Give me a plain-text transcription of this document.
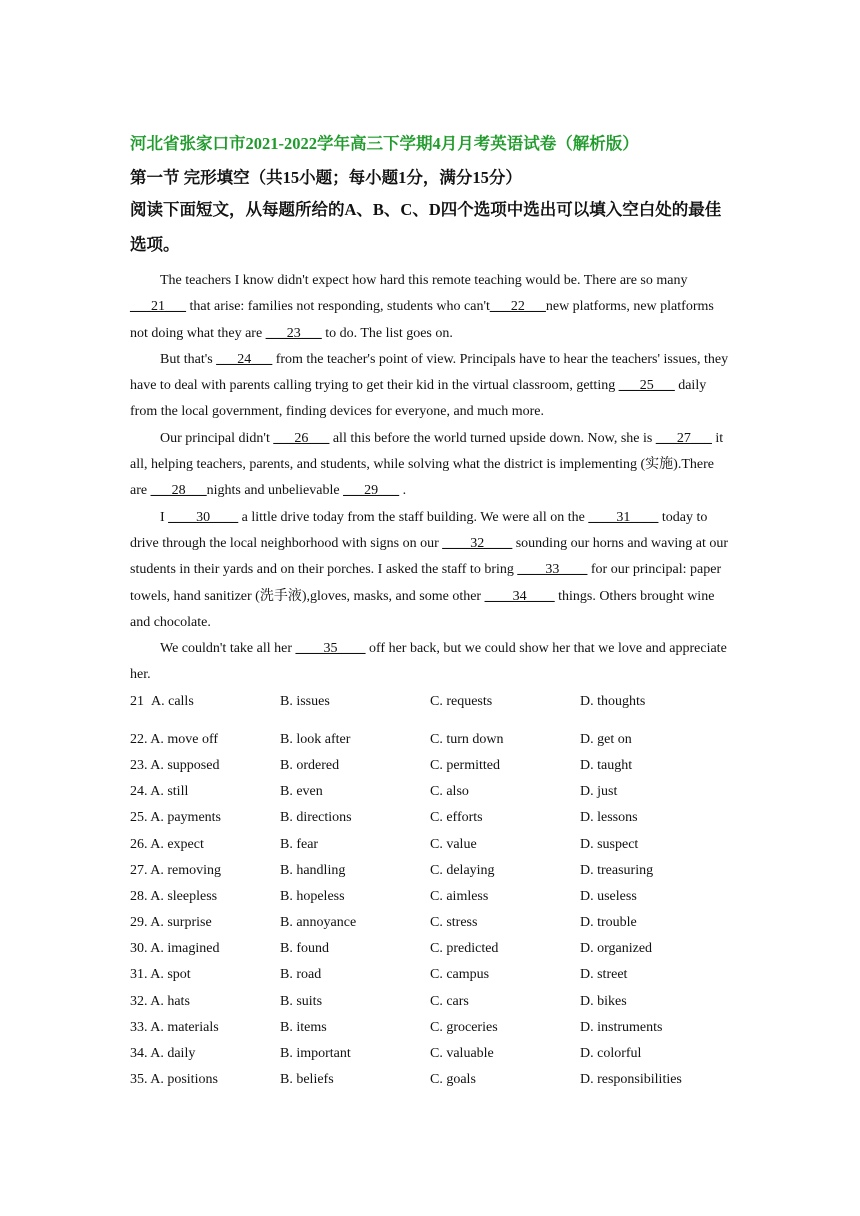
河北省张家口市2021-2022学年高三下学期4月月考英语试卷（解析版）

第一节 完形填空（共15小题；每小题1分，满分15分）

阅读下面短文，从每题所给的A、B、C、D四个选项中选出可以填入空白处的最佳选项。

The teachers I know didn't expect how hard this remote teaching would be. There are so many ___21___ that arise: families not responding, students who can't___22___new platforms, new platforms not doing what they are ___23___ to do. The list goes on.

But that's ___24___ from the teacher's point of view. Principals have to hear the teachers' issues, they have to deal with parents calling trying to get their kid in the virtual classroom, getting ___25___ daily from the local government, finding devices for everyone, and much more.

Our principal didn't ___26___ all this before the world turned upside down. Now, she is ___27___ it all, helping teachers, parents, and students, while solving what the district is implementing (实施).There are ___28___nights and unbelievable ___29___ .

I ____30____ a little drive today from the staff building. We were all on the ____31____ today to drive through the local neighborhood with signs on our ____32____ sounding our horns and waving at our students in their yards and on their porches. I asked the staff to bring ____33____ for our principal: paper towels, hand sanitizer (洗手液),gloves, masks, and some other ____34____ things. Others brought wine and chocolate.

We couldn't take all her ____35____ off her back, but we could show her that we love and appreciate her.

21 A. calls	B. issues	C. requests	D. thoughts
22. A. move off	B. look after	C. turn down	D. get on
23. A. supposed	B. ordered	C. permitted	D. taught
24. A. still	B. even	C. also	D. just
25. A. payments	B. directions	C. efforts	D. lessons
26. A. expect	B. fear	C. value	D. suspect
27. A. removing	B. handling	C. delaying	D. treasuring
28. A. sleepless	B. hopeless	C. aimless	D. useless
29. A. surprise	B. annoyance	C. stress	D. trouble
30. A. imagined	B. found	C. predicted	D. organized
31. A. spot	B. road	C. campus	D. street
32. A. hats	B. suits	C. cars	D. bikes
33. A. materials	B. items	C. groceries	D. instruments
34. A. daily	B. important	C. valuable	D. colorful
35. A. positions	B. beliefs	C. goals	D. responsibilities
